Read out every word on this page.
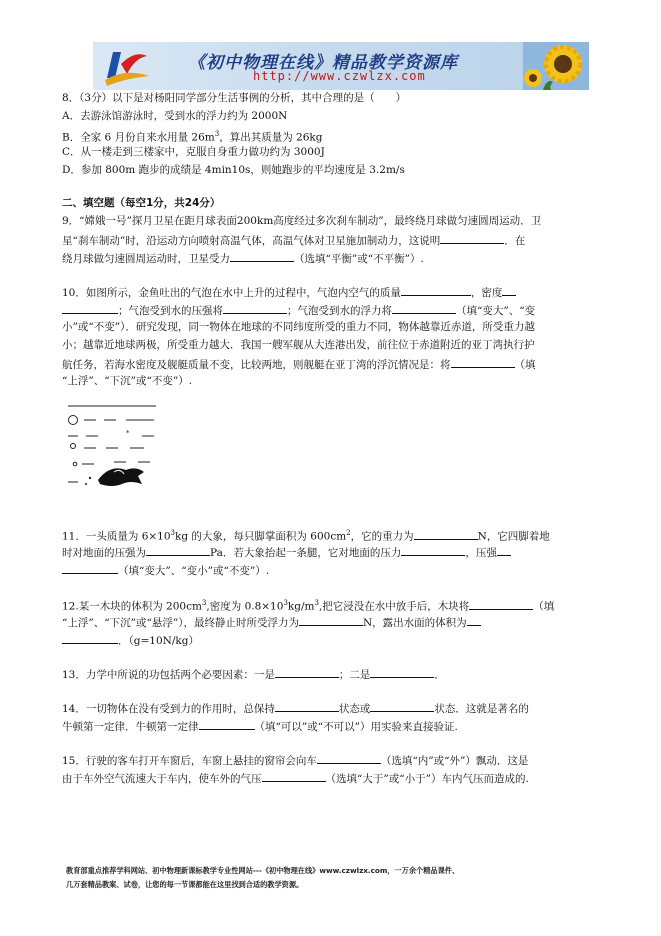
《初中物理在线》精品教学资源库
http://www.czwlzx.com
8．（3分）以下是对杨阳同学部分生活事例的分析，其中合理的是（　　）
A．去游泳馆游泳时，受到水的浮力约为 2000N
B．全家 6 月份自来水用量 $26m^3$，算出其质量为 26kg
C．从一楼走到三楼家中，克服自身重力做功约为 3000J
D．参加 800m 跑步的成绩是 4min10s，则她跑步的平均速度是 3.2m/s
二、填空题（每空1分，共24分）
9．“嫦娥一号”探月卫星在距月球表面200km高度经过多次刹车制动”，最终绕月球做匀速圆周运动．卫
星“刹车制动”时，沿运动方向喷射高温气体，高温气体对卫星施加制动力，这说明	．在
绕月球做匀速圆周运动时，卫星受力	（选填“平衡”或“不平衡”）.
10．如图所示，金鱼吐出的气泡在水中上升的过程中，气泡内空气的质量	，密度
；气泡受到水的压强将	；气泡受到水的浮力将	（填“变大”、“变
小”或“不变”）．研究发现，同一物体在地球的不同纬度所受的重力不同，物体越靠近赤道，所受重力越
小；越靠近地球两极，所受重力越大．我国一艘军舰从大连港出发，前往位于赤道附近的亚丁湾执行护
航任务，若海水密度及舰艇质量不变，比较两地，则舰艇在亚丁湾的浮沉情况是：将	（填
“上浮”、“下沉”或“不变”）.
*
11．一头质量为 $6\times 10^3kg$ 的大象，每只脚掌面积为 $600cm^2$，它的重力为	N，它四脚着地
时对地面的压强为	Pa．若大象抬起一条腿，它对地面的压力	，压强
（填“变大”、“变小”或“不变”）.
12.某一木块的体积为 $200cm^3$,密度为 $0.8\times 10^3kg/m^3$,把它浸没在水中放手后，木块将	（填
“上浮”、“下沉”或“悬浮”），最终静止时所受浮力为	N，露出水面的体积为
．（g=10N/kg）
13．力学中所说的功包括两个必要因素：一是	；二是	．
14．一切物体在没有受到力的作用时，总保持	状态或	状态．这就是著名的
牛顿第一定律．牛顿第一定律	（填“可以”或“不可以”）用实验来直接验证.
15．行驶的客车打开车窗后，车窗上悬挂的窗帘会向车	（选填“内”或“外”）飘动．这是
由于车外空气流速大于车内，使车外的气压	（选填“大于”或“小于”）车内气压而造成的.
教育部重点推荐学科网站、初中物理新课标教学专业性网站---《初中物理在线》www.czwlzx.com，一万余个精品课件、
几万套精品教案、试卷，让您的每一节课都能在这里找到合适的教学资源。
